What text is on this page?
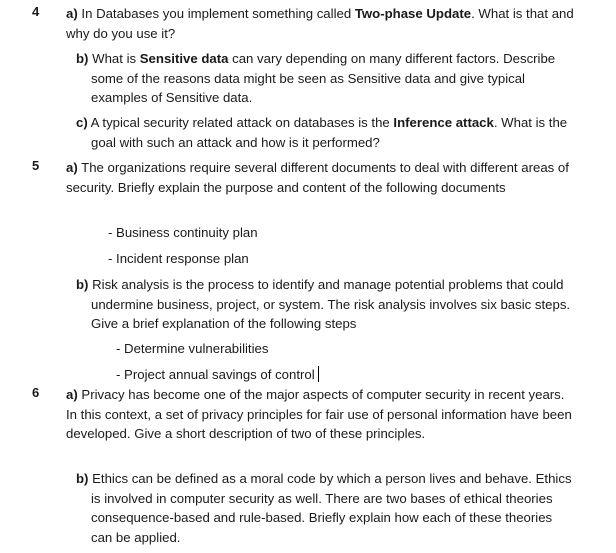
4	a) In Databases you implement something called Two-phase Update. What is that and why do you use it?

b) What is Sensitive data can vary depending on many different factors. Describe some of the reasons data might be seen as Sensitive data and give typical examples of Sensitive data.

c) A typical security related attack on databases is the Inference attack. What is the goal with such an attack and how is it performed?

5	a) The organizations require several different documents to deal with different areas of security. Briefly explain the purpose and content of the following documents

- Business continuity plan
- Incident response plan

b) Risk analysis is the process to identify and manage potential problems that could undermine business, project, or system. The risk analysis involves six basic steps. Give a brief explanation of the following steps

- Determine vulnerabilities
- Project annual savings of control
6	a) Privacy has become one of the major aspects of computer security in recent years. In this context, a set of privacy principles for fair use of personal information have been developed. Give a short description of two of these principles.

b) Ethics can be defined as a moral code by which a person lives and behave. Ethics is involved in computer security as well. There are two bases of ethical theories consequence-based and rule-based. Briefly explain how each of these theories can be applied.
